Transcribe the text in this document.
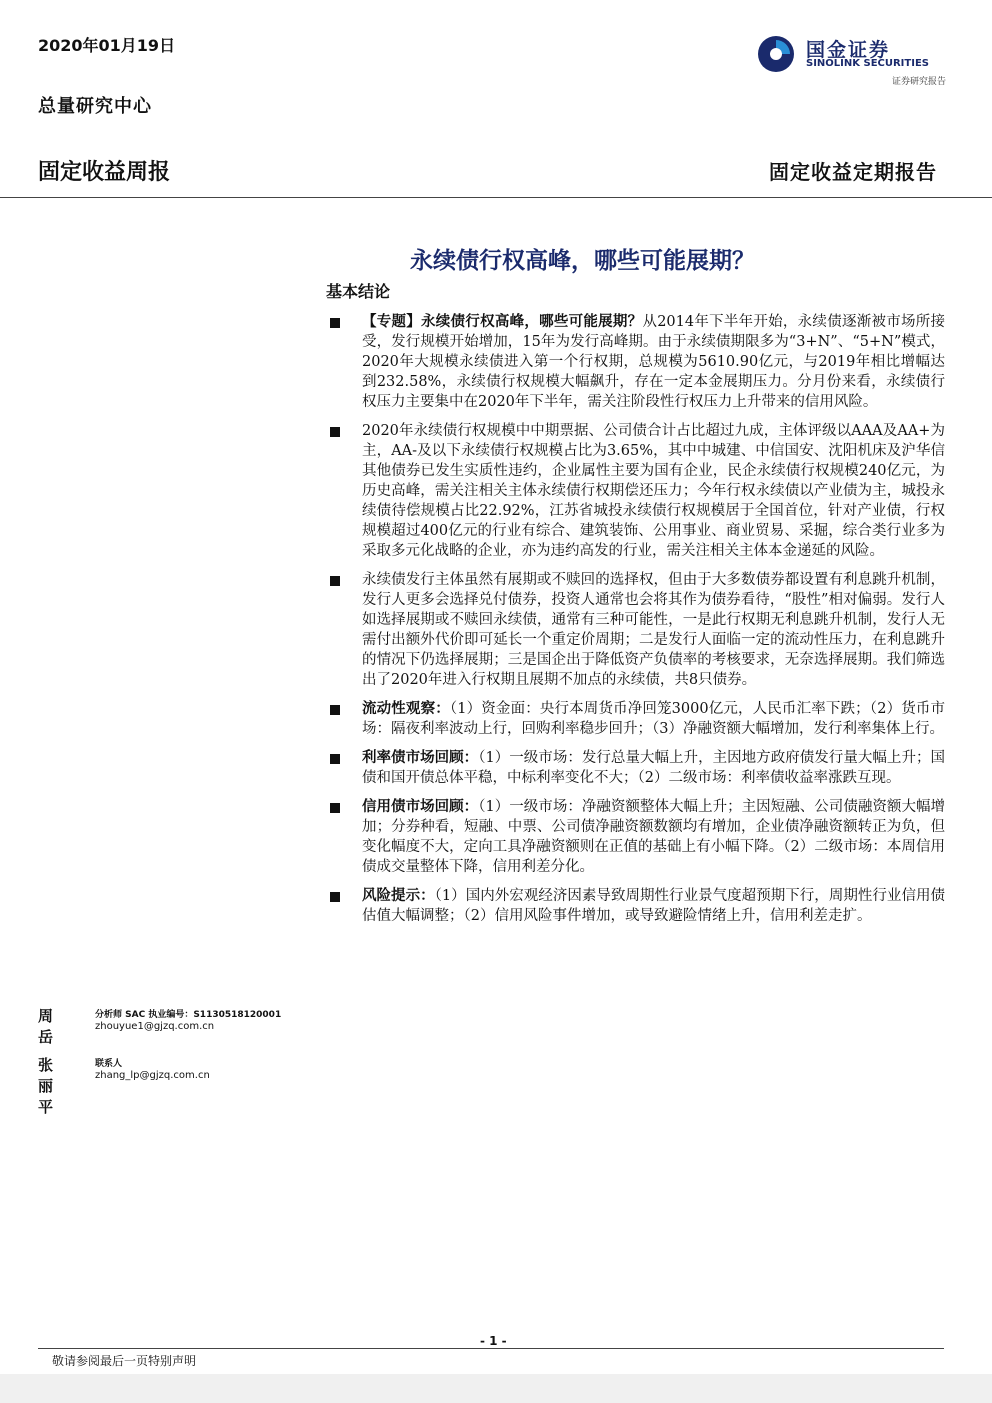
2020年01月19日
总量研究中心
国金证券
SINOLINK SECURITIES
证券研究报告
固定收益周报	固定收益定期报告
永续债行权高峰，哪些可能展期？
基本结论
【专题】永续债行权高峰，哪些可能展期？从2014年下半年开始，永续债逐渐被市场所接受，发行规模开始增加，15年为发行高峰期。由于永续债期限多为“3+N”、“5+N”模式，2020年大规模永续债进入第一个行权期，总规模为5610.90亿元，与2019年相比增幅达到232.58%，永续债行权规模大幅飙升，存在一定本金展期压力。分月份来看，永续债行权压力主要集中在2020年下半年，需关注阶段性行权压力上升带来的信用风险。
2020年永续债行权规模中中期票据、公司债合计占比超过九成，主体评级以AAA及AA+为主，AA-及以下永续债行权规模占比为3.65%，其中中城建、中信国安、沈阳机床及沪华信其他债券已发生实质性违约，企业属性主要为国有企业，民企永续债行权规模240亿元，为历史高峰，需关注相关主体永续债行权期偿还压力；今年行权永续债以产业债为主，城投永续债待偿规模占比22.92%，江苏省城投永续债行权规模居于全国首位，针对产业债，行权规模超过400亿元的行业有综合、建筑装饰、公用事业、商业贸易、采掘，综合类行业多为采取多元化战略的企业，亦为违约高发的行业，需关注相关主体本金递延的风险。
永续债发行主体虽然有展期或不赎回的选择权，但由于大多数债券都设置有利息跳升机制，发行人更多会选择兑付债券，投资人通常也会将其作为债券看待，“股性”相对偏弱。发行人如选择展期或不赎回永续债，通常有三种可能性，一是此行权期无利息跳升机制，发行人无需付出额外代价即可延长一个重定价周期；二是发行人面临一定的流动性压力，在利息跳升的情况下仍选择展期；三是国企出于降低资产负债率的考核要求，无奈选择展期。我们筛选出了2020年进入行权期且展期不加点的永续债，共8只债券。
流动性观察：（1）资金面：央行本周货币净回笼3000亿元，人民币汇率下跌；（2）货币市场：隔夜利率波动上行，回购利率稳步回升；（3）净融资额大幅增加，发行利率集体上行。
利率债市场回顾：（1）一级市场：发行总量大幅上升，主因地方政府债发行量大幅上升；国债和国开债总体平稳，中标利率变化不大；（2）二级市场：利率债收益率涨跌互现。
信用债市场回顾：（1）一级市场：净融资额整体大幅上升；主因短融、公司债融资额大幅增加；分券种看，短融、中票、公司债净融资额数额均有增加，企业债净融资额转正为负，但变化幅度不大，定向工具净融资额则在正值的基础上有小幅下降。（2）二级市场：本周信用债成交量整体下降，信用利差分化。
风险提示：（1）国内外宏观经济因素导致周期性行业景气度超预期下行，周期性行业信用债估值大幅调整；（2）信用风险事件增加，或导致避险情绪上升，信用利差走扩。
周岳
分析师 SAC 执业编号：S1130518120001
zhouyue1@gjzq.com.cn
张丽平
联系人
zhang_lp@gjzq.com.cn
- 1 -
敬请参阅最后一页特别声明
